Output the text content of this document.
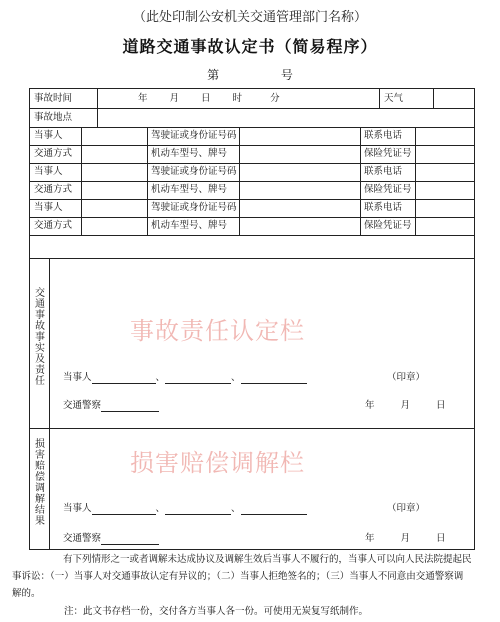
（此处印制公安机关交通管理部门名称）
道路交通事故认定书（简易程序）
第	号
事故时间	年 月 日 时	分	天气
事故地点
当事人	驾驶证或身份证号码	联系电话
交通方式	机动车型号、牌号	保险凭证号
当事人	驾驶证或身份证号码	联系电话
交通方式	机动车型号、牌号	保险凭证号
当事人	驾驶证或身份证号码	联系电话
交通方式	机动车型号、牌号	保险凭证号
交通事故事实及责任
事故责任认定栏
当事人	、	、	（印章）
交通警察	年	月	日
损害赔偿调解结果
损害赔偿调解栏
当事人	、	、	（印章）
交通警察	年	月	日
有下列情形之一或者调解未达成协议及调解生效后当事人不履行的，当事人可以向人民法院提起民
事诉讼：（一）当事人对交通事故认定有异议的；（二）当事人拒绝签名的；（三）当事人不同意由交通警察调
解的。
注：此文书存档一份，交付各方当事人各一份。可使用无炭复写纸制作。
